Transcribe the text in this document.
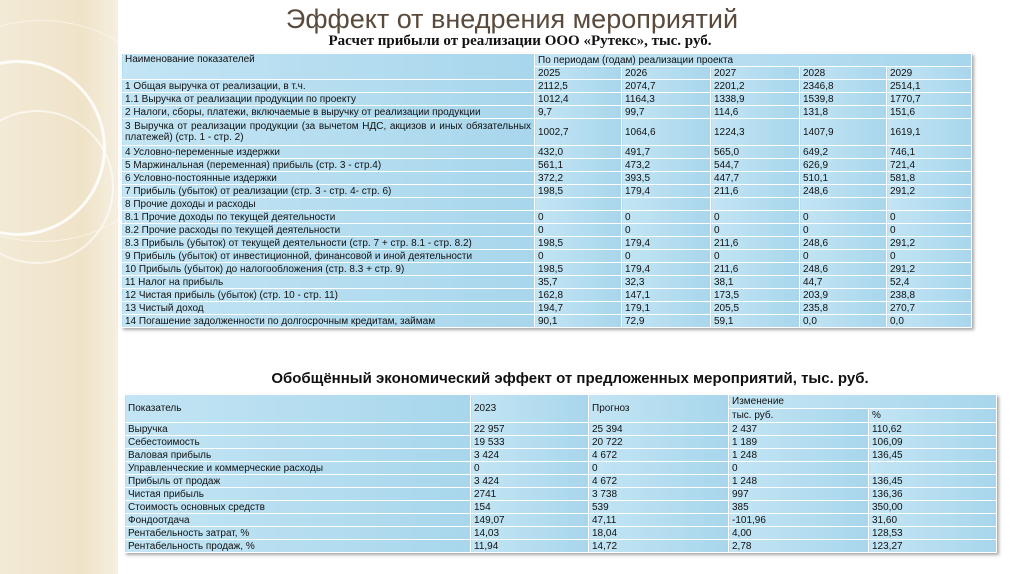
Эффект от внедрения мероприятий
Расчет прибыли от реализации ООО «Рутекс», тыс. руб.
Наименование показателей	По периодам (годам) реализации проекта				
	2025	2026	2027	2028	2029
1 Общая выручка от реализации, в т.ч.	2112,5	2074,7	2201,2	2346,8	2514,1
1.1 Выручка от реализации продукции по проекту	1012,4	1164,3	1338,9	1539,8	1770,7
2 Налоги, сборы, платежи, включаемые в выручку от реализации продукции	9,7	99,7	114,6	131,8	151,6
3 Выручка от реализации продукции (за вычетом НДС, акцизов и иных обязательных платежей) (стр. 1 - стр. 2)	1002,7	1064,6	1224,3	1407,9	1619,1
4 Условно-переменные издержки	432,0	491,7	565,0	649,2	746,1
5 Маржинальная (переменная) прибыль (стр. 3 - стр.4)	561,1	473,2	544,7	626,9	721,4
6 Условно-постоянные издержки	372,2	393,5	447,7	510,1	581,8
7 Прибыль (убыток) от реализации (стр. 3 - стр. 4- стр. 6)	198,5	179,4	211,6	248,6	291,2
8 Прочие доходы и расходы					
8.1 Прочие доходы по текущей деятельности	0	0	0	0	0
8.2 Прочие расходы по текущей деятельности	0	0	0	0	0
8.3 Прибыль (убыток) от текущей деятельности (стр. 7 + стр. 8.1 - стр. 8.2)	198,5	179,4	211,6	248,6	291,2
9 Прибыль (убыток) от инвестиционной, финансовой и иной деятельности	0	0	0	0	0
10 Прибыль (убыток) до налогообложения (стр. 8.3 + стр. 9)	198,5	179,4	211,6	248,6	291,2
11 Налог на прибыль	35,7	32,3	38,1	44,7	52,4
12 Чистая прибыль (убыток) (стр. 10 - стр. 11)	162,8	147,1	173,5	203,9	238,8
13 Чистый доход	194,7	179,1	205,5	235,8	270,7
14 Погашение задолженности по долгосрочным кредитам, займам	90,1	72,9	59,1	0,0	0,0
Обобщённый экономический эффект от предложенных мероприятий, тыс. руб.
Показатель	2023	Прогноз	Изменение	
			тыс. руб.	%
Выручка	22 957	25 394	2 437	110,62
Себестоимость	19 533	20 722	1 189	106,09
Валовая прибыль	3 424	4 672	1 248	136,45
Управленческие и коммерческие расходы	0	0	0	
Прибыль от продаж	3 424	4 672	1 248	136,45
Чистая прибыль	2741	3 738	997	136,36
Стоимость основных средств	154	539	385	350,00
Фондоотдача	149,07	47,11	-101,96	31,60
Рентабельность затрат, %	14,03	18,04	4,00	128,53
Рентабельность продаж, %	11,94	14,72	2,78	123,27
